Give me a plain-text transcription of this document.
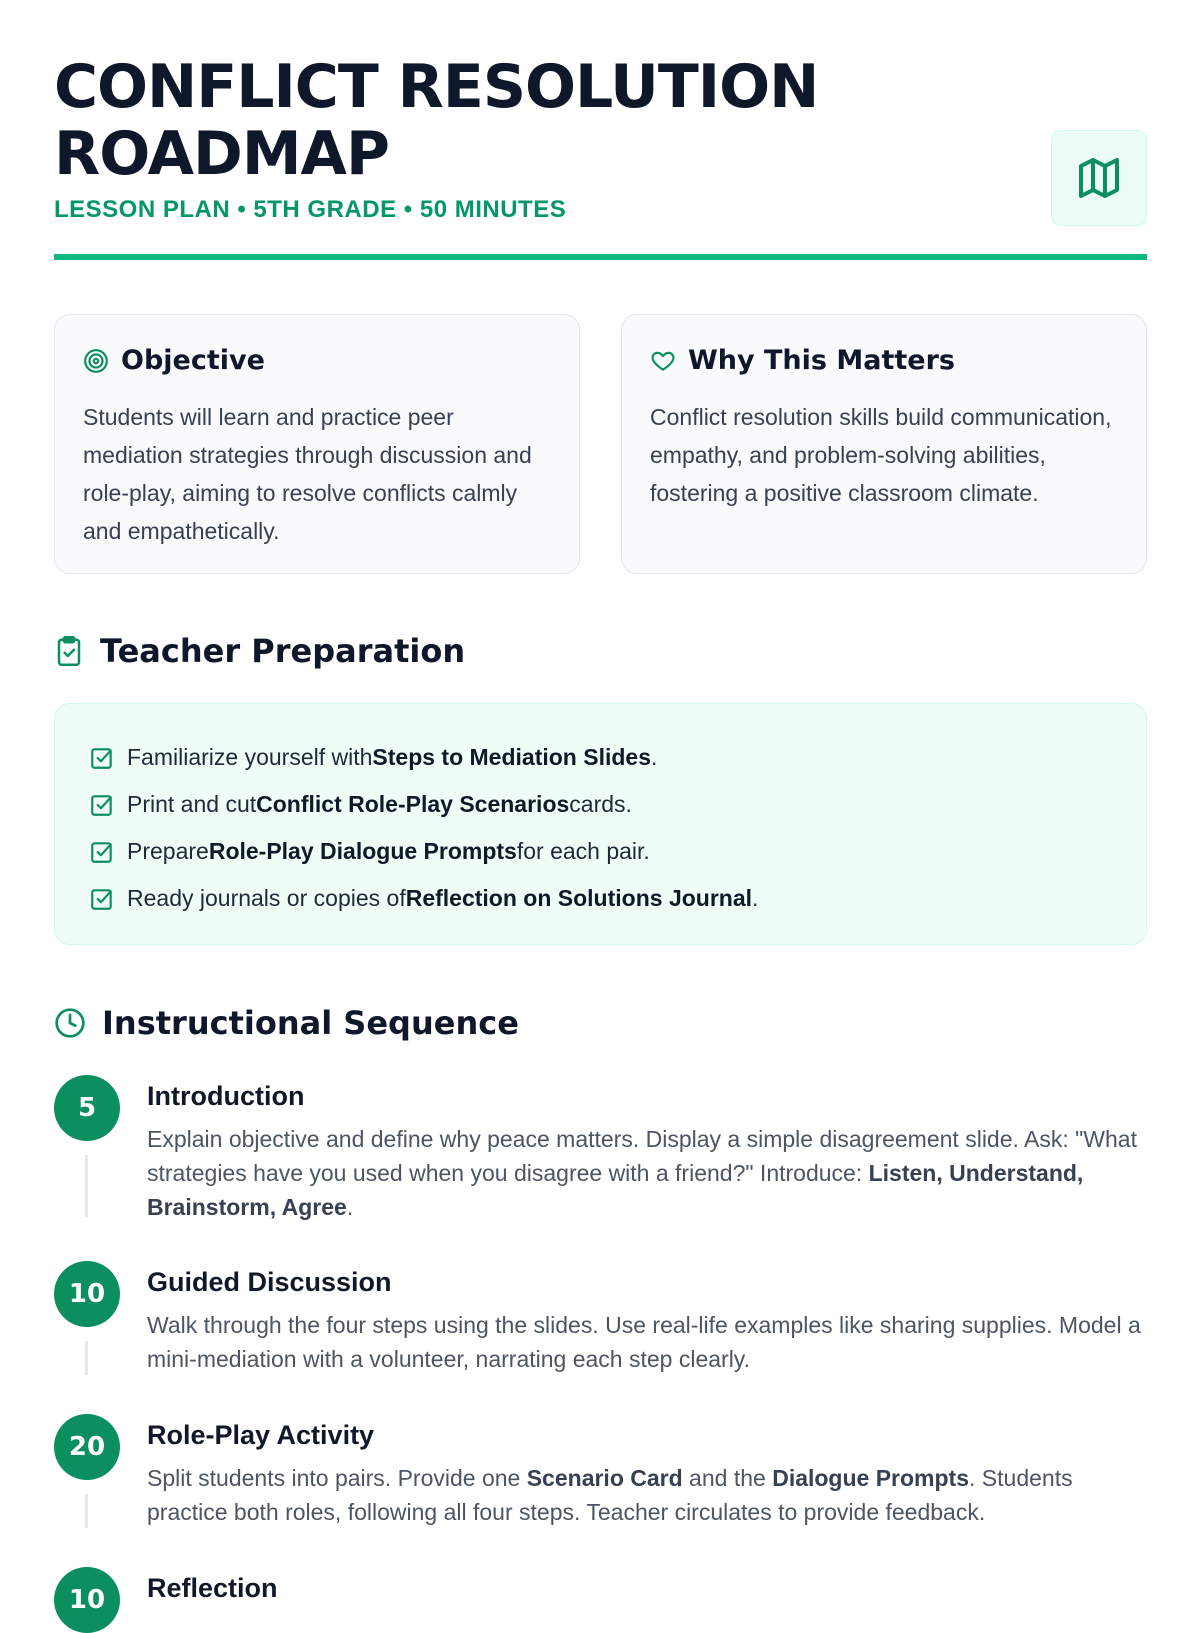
CONFLICT RESOLUTION ROADMAP
LESSON PLAN • 5TH GRADE • 50 MINUTES
Objective
Students will learn and practice peer mediation strategies through discussion and role-play, aiming to resolve conflicts calmly and empathetically.
Why This Matters
Conflict resolution skills build communication, empathy, and problem-solving abilities, fostering a positive classroom climate.
Teacher Preparation
Familiarize yourself with Steps to Mediation Slides .
Print and cut Conflict Role-Play Scenarios cards.
Prepare Role-Play Dialogue Prompts for each pair.
Ready journals or copies of Reflection on Solutions Journal .
Instructional Sequence
5	Introduction
Explain objective and define why peace matters. Display a simple disagreement slide. Ask: "What strategies have you used when you disagree with a friend?" Introduce: Listen, Understand, Brainstorm, Agree.
10	Guided Discussion
Walk through the four steps using the slides. Use real-life examples like sharing supplies. Model a mini-mediation with a volunteer, narrating each step clearly.
20	Role-Play Activity
Split students into pairs. Provide one Scenario Card and the Dialogue Prompts. Students practice both roles, following all four steps. Teacher circulates to provide feedback.
10	Reflection
